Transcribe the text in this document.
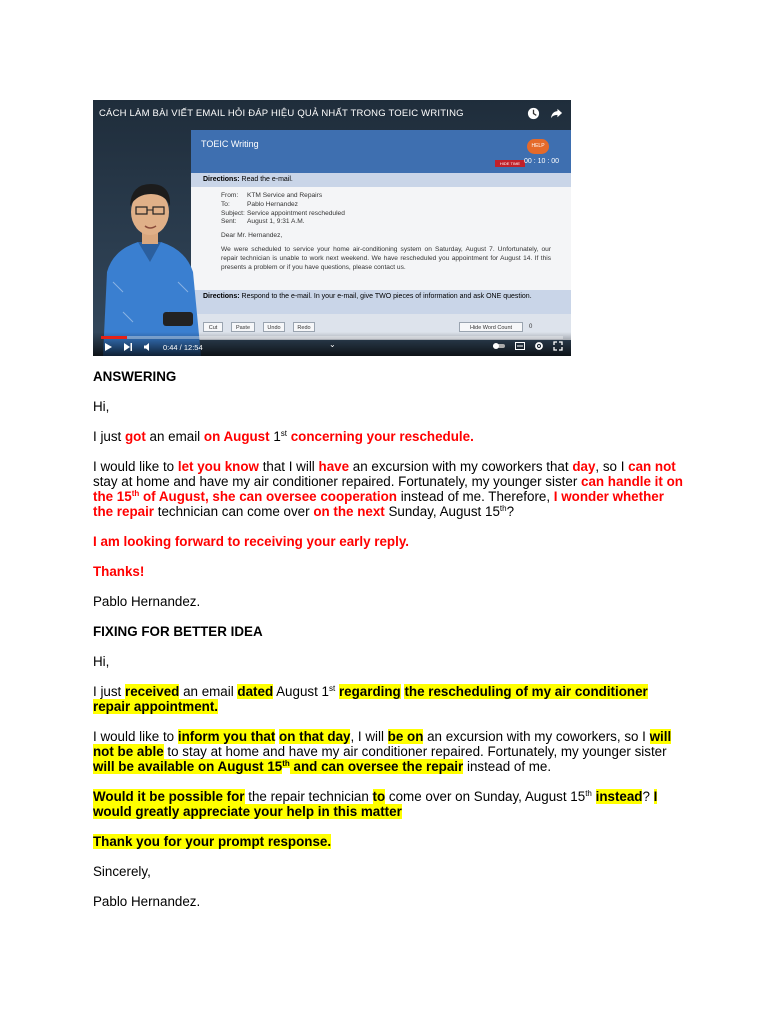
TOEIC Writing	HELP
HIDE TIME 00 : 10 : 00
Directions: Read the e-mail.
From:	KTM Service and Repairs
To:	Pablo Hernandez
Subject: Service appointment rescheduled
Sent:	August 1, 9:31 A.M.
Dear Mr. Hernandez,
We were scheduled to service your home air-conditioning system on Saturday, August 7. Unfortunately, our repair technician is unable to work next weekend. We have rescheduled you appointment for August 14. If this presents a problem or if you have questions, please contact us.
Directions: Respond to the e-mail. In your e-mail, give TWO pieces of information and ask ONE question.
Cut	Paste	Undo	Redo	Hide Word Count	0
CÁCH LÀM BÀI VIẾT EMAIL HỎI ĐÁP HIỆU QUẢ NHẤT TRONG TOEIC WRITING
0:44 / 12:54	⌄

ANSWERING

Hi,

I just got an email on August 1st concerning your reschedule.

I would like to let you know that I will have an excursion with my coworkers that day, so I can not stay at home and have my air conditioner repaired. Fortunately, my younger sister can handle it on the 15th of August, she can oversee cooperation instead of me. Therefore, I wonder whether the repair technician can come over on the next Sunday, August 15th?

I am looking forward to receiving your early reply.

Thanks!

Pablo Hernandez.

FIXING FOR BETTER IDEA

Hi,

I just received an email dated August 1st regarding the rescheduling of my air conditioner repair appointment.

I would like to inform you that on that day, I will be on an excursion with my coworkers, so I will not be able to stay at home and have my air conditioner repaired. Fortunately, my younger sister will be available on August 15th and can oversee the repair instead of me.

Would it be possible for the repair technician to come over on Sunday, August 15th instead? I would greatly appreciate your help in this matter

Thank you for your prompt response.

Sincerely,

Pablo Hernandez.
